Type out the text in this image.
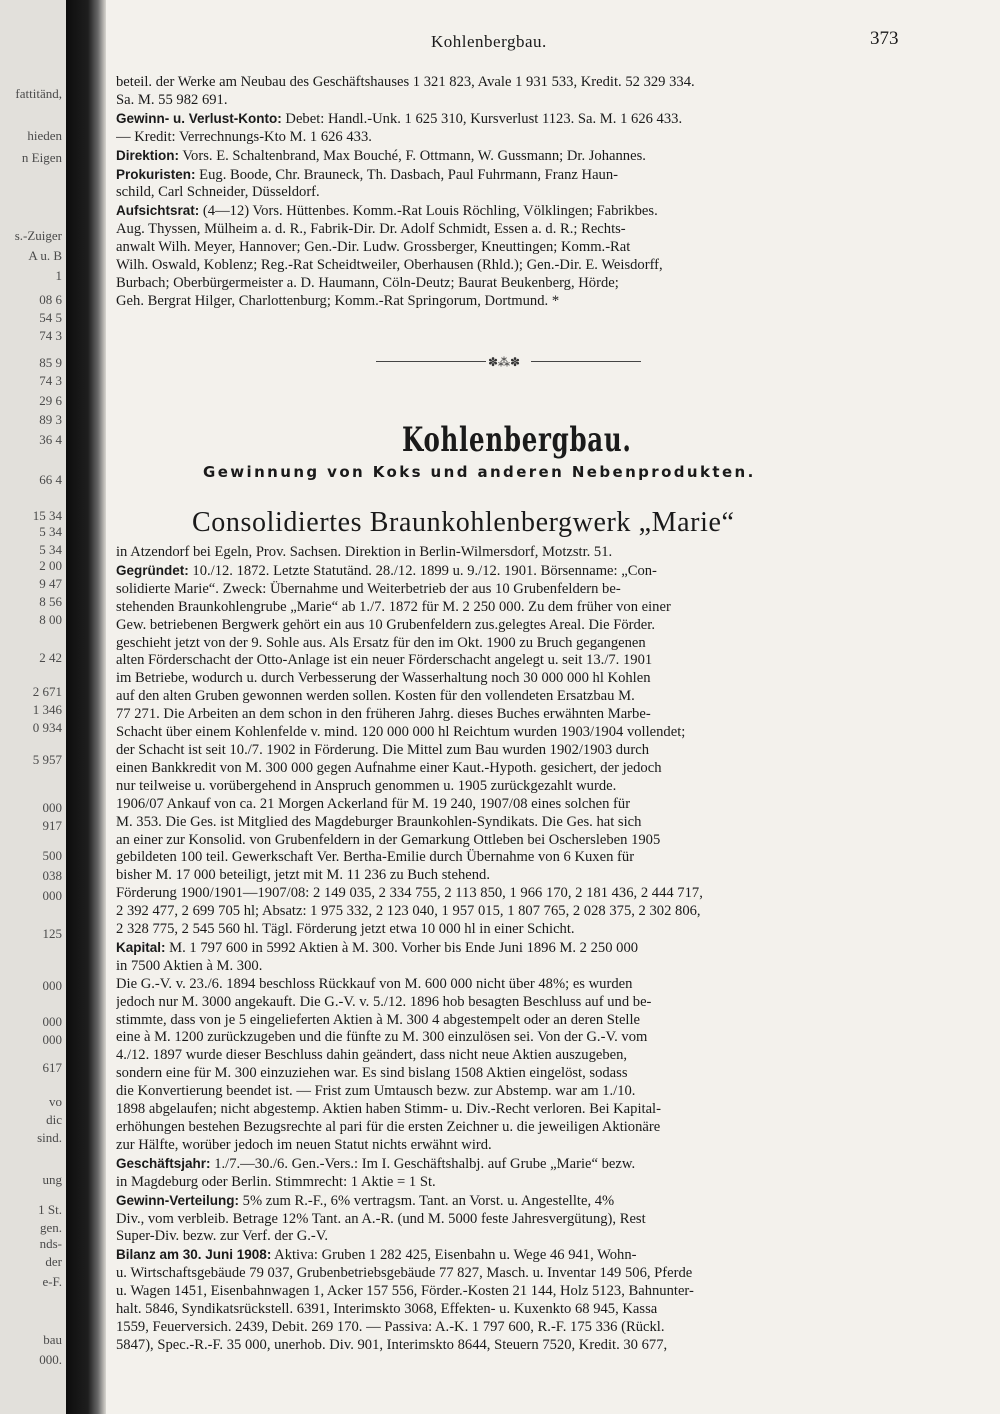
fattitänd,
hieden
n Eigen
s.-Zuiger
A u. B
1
08 6
54 5
74 3
85 9
74 3
29 6
89 3
36 4
66 4
15 34
5 34
5 34
2 00
9 47
8 56
8 00
2 42
2 671
1 346
0 934
5 957
000
917
500
038
000
125
000
000
000
617
vo
dic
sind.
ung
1 St.
gen.
nds-
der
e-F.
bau
000.
Kohlenbergbau.	373
beteil. der Werke am Neubau des Geschäftshauses 1 321 823, Avale 1 931 533, Kredit. 52 329 334.
Sa. M. 55 982 691.
Gewinn- u. Verlust-Konto: Debet: Handl.-Unk. 1 625 310, Kursverlust 1123. Sa. M. 1 626 433.
— Kredit: Verrechnungs-Kto M. 1 626 433.
Direktion: Vors. E. Schaltenbrand, Max Bouché, F. Ottmann, W. Gussmann; Dr. Johannes.
Prokuristen: Eug. Boode, Chr. Brauneck, Th. Dasbach, Paul Fuhrmann, Franz Haun-
schild, Carl Schneider, Düsseldorf.
Aufsichtsrat: (4—12) Vors. Hüttenbes. Komm.-Rat Louis Röchling, Völklingen; Fabrikbes.
Aug. Thyssen, Mülheim a. d. R., Fabrik-Dir. Dr. Adolf Schmidt, Essen a. d. R.; Rechts-
anwalt Wilh. Meyer, Hannover; Gen.-Dir. Ludw. Grossberger, Kneuttingen; Komm.-Rat
Wilh. Oswald, Koblenz; Reg.-Rat Scheidtweiler, Oberhausen (Rhld.); Gen.-Dir. E. Weisdorff,
Burbach; Oberbürgermeister a. D. Haumann, Cöln-Deutz; Baurat Beukenberg, Hörde;
Geh. Bergrat Hilger, Charlottenburg; Komm.-Rat Springorum, Dortmund. *
✽⁂✽
Kohlenbergbau.
Gewinnung von Koks und anderen Nebenprodukten.
Consolidiertes Braunkohlenbergwerk „Marie“
in Atzendorf bei Egeln, Prov. Sachsen. Direktion in Berlin-Wilmersdorf, Motzstr. 51.
Gegründet: 10./12. 1872. Letzte Statutänd. 28./12. 1899 u. 9./12. 1901. Börsenname: „Con-
solidierte Marie“. Zweck: Übernahme und Weiterbetrieb der aus 10 Grubenfeldern be-
stehenden Braunkohlengrube „Marie“ ab 1./7. 1872 für M. 2 250 000. Zu dem früher von einer
Gew. betriebenen Bergwerk gehört ein aus 10 Grubenfeldern zus.gelegtes Areal. Die Förder.
geschieht jetzt von der 9. Sohle aus. Als Ersatz für den im Okt. 1900 zu Bruch gegangenen
alten Förderschacht der Otto-Anlage ist ein neuer Förderschacht angelegt u. seit 13./7. 1901
im Betriebe, wodurch u. durch Verbesserung der Wasserhaltung noch 30 000 000 hl Kohlen
auf den alten Gruben gewonnen werden sollen. Kosten für den vollendeten Ersatzbau M.
77 271. Die Arbeiten an dem schon in den früheren Jahrg. dieses Buches erwähnten Marbe-
Schacht über einem Kohlenfelde v. mind. 120 000 000 hl Reichtum wurden 1903/1904 vollendet;
der Schacht ist seit 10./7. 1902 in Förderung. Die Mittel zum Bau wurden 1902/1903 durch
einen Bankkredit von M. 300 000 gegen Aufnahme einer Kaut.-Hypoth. gesichert, der jedoch
nur teilweise u. vorübergehend in Anspruch genommen u. 1905 zurückgezahlt wurde.
1906/07 Ankauf von ca. 21 Morgen Ackerland für M. 19 240, 1907/08 eines solchen für
M. 353. Die Ges. ist Mitglied des Magdeburger Braunkohlen-Syndikats. Die Ges. hat sich
an einer zur Konsolid. von Grubenfeldern in der Gemarkung Ottleben bei Oschersleben 1905
gebildeten 100 teil. Gewerkschaft Ver. Bertha-Emilie durch Übernahme von 6 Kuxen für
bisher M. 17 000 beteiligt, jetzt mit M. 11 236 zu Buch stehend.
Förderung 1900/1901—1907/08: 2 149 035, 2 334 755, 2 113 850, 1 966 170, 2 181 436, 2 444 717,
2 392 477, 2 699 705 hl; Absatz: 1 975 332, 2 123 040, 1 957 015, 1 807 765, 2 028 375, 2 302 806,
2 328 775, 2 545 560 hl. Tägl. Förderung jetzt etwa 10 000 hl in einer Schicht.
Kapital: M. 1 797 600 in 5992 Aktien à M. 300. Vorher bis Ende Juni 1896 M. 2 250 000
in 7500 Aktien à M. 300.
Die G.-V. v. 23./6. 1894 beschloss Rückkauf von M. 600 000 nicht über 48%; es wurden
jedoch nur M. 3000 angekauft. Die G.-V. v. 5./12. 1896 hob besagten Beschluss auf und be-
stimmte, dass von je 5 eingelieferten Aktien à M. 300 4 abgestempelt oder an deren Stelle
eine à M. 1200 zurückzugeben und die fünfte zu M. 300 einzulösen sei. Von der G.-V. vom
4./12. 1897 wurde dieser Beschluss dahin geändert, dass nicht neue Aktien auszugeben,
sondern eine für M. 300 einzuziehen war. Es sind bislang 1508 Aktien eingelöst, sodass
die Konvertierung beendet ist. — Frist zum Umtausch bezw. zur Abstemp. war am 1./10.
1898 abgelaufen; nicht abgestemp. Aktien haben Stimm- u. Div.-Recht verloren. Bei Kapital-
erhöhungen bestehen Bezugsrechte al pari für die ersten Zeichner u. die jeweiligen Aktionäre
zur Hälfte, worüber jedoch im neuen Statut nichts erwähnt wird.
Geschäftsjahr: 1./7.—30./6. Gen.-Vers.: Im I. Geschäftshalbj. auf Grube „Marie“ bezw.
in Magdeburg oder Berlin. Stimmrecht: 1 Aktie = 1 St.
Gewinn-Verteilung: 5% zum R.-F., 6% vertragsm. Tant. an Vorst. u. Angestellte, 4%
Div., vom verbleib. Betrage 12% Tant. an A.-R. (und M. 5000 feste Jahresvergütung), Rest
Super-Div. bezw. zur Verf. der G.-V.
Bilanz am 30. Juni 1908: Aktiva: Gruben 1 282 425, Eisenbahn u. Wege 46 941, Wohn-
u. Wirtschaftsgebäude 79 037, Grubenbetriebsgebäude 77 827, Masch. u. Inventar 149 506, Pferde
u. Wagen 1451, Eisenbahnwagen 1, Acker 157 556, Förder.-Kosten 21 144, Holz 5123, Bahnunter-
halt. 5846, Syndikatsrückstell. 6391, Interimskto 3068, Effekten- u. Kuxenkto 68 945, Kassa
1559, Feuerversich. 2439, Debit. 269 170. — Passiva: A.-K. 1 797 600, R.-F. 175 336 (Rückl.
5847), Spec.-R.-F. 35 000, unerhob. Div. 901, Interimskto 8644, Steuern 7520, Kredit. 30 677,
